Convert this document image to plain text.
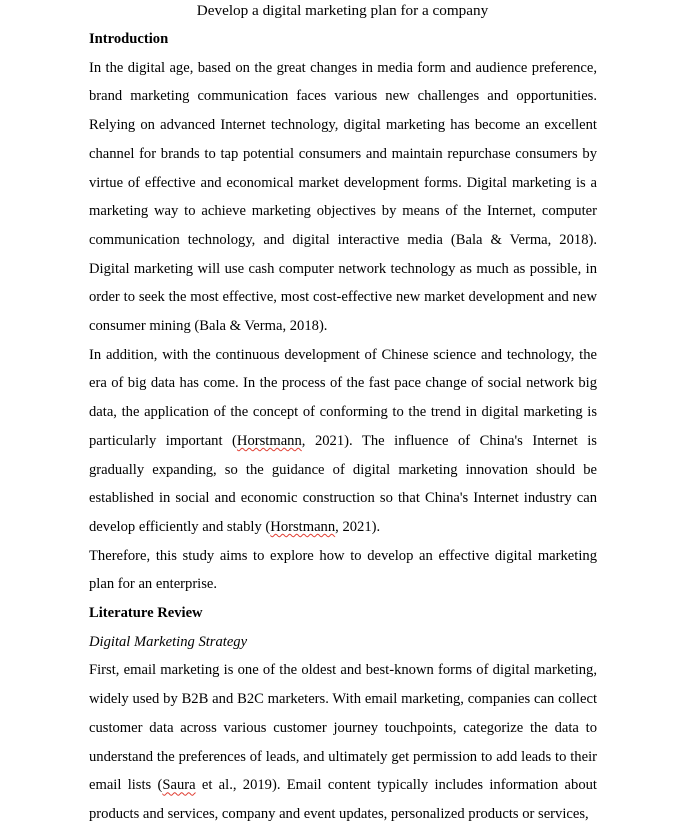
Develop a digital marketing plan for a company
Introduction

In the digital age, based on the great changes in media form and audience preference, brand marketing communication faces various new challenges and opportunities. Relying on advanced Internet technology, digital marketing has become an excellent channel for brands to tap potential consumers and maintain repurchase consumers by virtue of effective and economical market development forms. Digital marketing is a marketing way to achieve marketing objectives by means of the Internet, computer communication technology, and digital interactive media (Bala & Verma, 2018). Digital marketing will use cash computer network technology as much as possible, in order to seek the most effective, most cost-effective new market development and new consumer mining (Bala & Verma, 2018).

In addition, with the continuous development of Chinese science and technology, the era of big data has come. In the process of the fast pace change of social network big data, the application of the concept of conforming to the trend in digital marketing is particularly important (Horstmann, 2021). The influence of China's Internet is gradually expanding, so the guidance of digital marketing innovation should be established in social and economic construction so that China's Internet industry can develop efficiently and stably (Horstmann, 2021).

Therefore, this study aims to explore how to develop an effective digital marketing plan for an enterprise.

Literature Review
Digital Marketing Strategy

First, email marketing is one of the oldest and best-known forms of digital marketing, widely used by B2B and B2C marketers. With email marketing, companies can collect customer data across various customer journey touchpoints, categorize the data to understand the preferences of leads, and ultimately get permission to add leads to their email lists (Saura et al., 2019). Email content typically includes information about products and services, company and event updates, personalized products or services,
